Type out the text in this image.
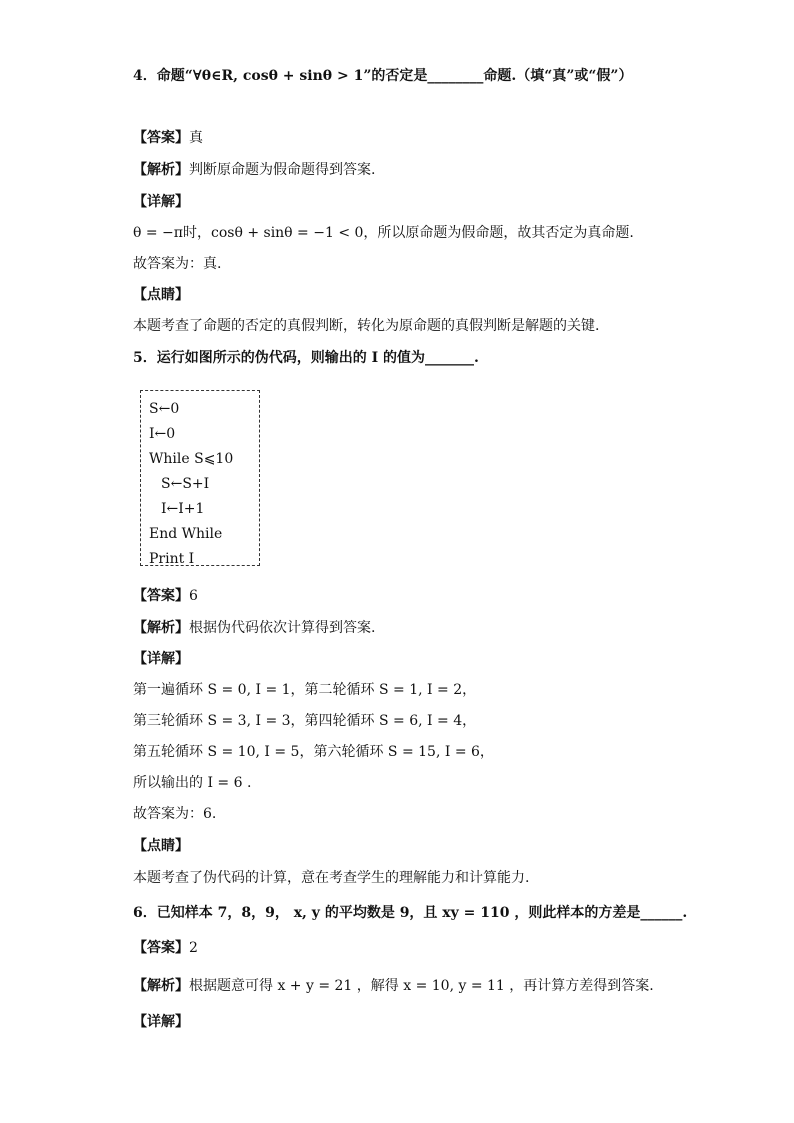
4．命题“∀θ∈R, cosθ + sinθ > 1”的否定是________命题.（填“真”或“假”）
【答案】真
【解析】判断原命题为假命题得到答案.
【详解】
θ = −π时，cosθ + sinθ = −1 < 0，所以原命题为假命题，故其否定为真命题.
故答案为：真.
【点睛】
本题考查了命题的否定的真假判断，转化为原命题的真假判断是解题的关键.
5．运行如图所示的伪代码，则输出的 I 的值为_______.
S←0
I←0
While S⩽10
S←S+I
I←I+1
End While
Print I
【答案】6
【解析】根据伪代码依次计算得到答案.
【详解】
第一遍循环 S = 0, I = 1，第二轮循环 S = 1, I = 2，
第三轮循环 S = 3, I = 3，第四轮循环 S = 6, I = 4，
第五轮循环 S = 10, I = 5，第六轮循环 S = 15, I = 6，
所以输出的 I = 6 .
故答案为：6.
【点睛】
本题考查了伪代码的计算，意在考查学生的理解能力和计算能力.
6．已知样本 7，8，9， x, y 的平均数是 9，且 xy = 110 ，则此样本的方差是______.
【答案】2
【解析】根据题意可得 x + y = 21 ，解得 x = 10, y = 11 ，再计算方差得到答案.
【详解】
